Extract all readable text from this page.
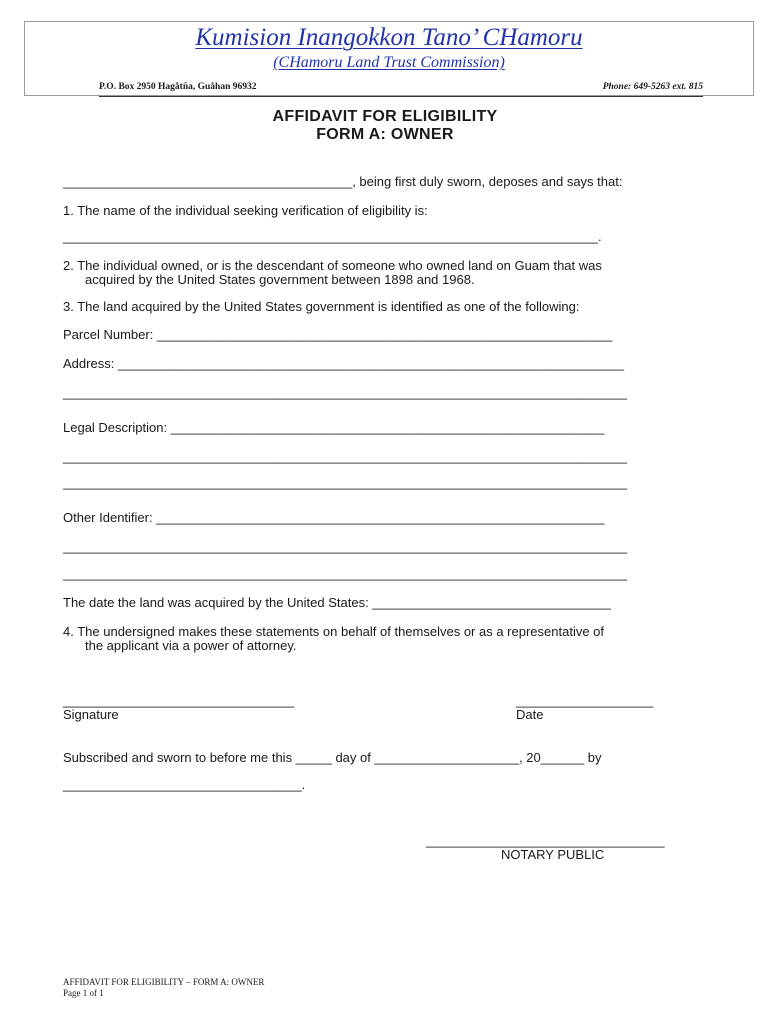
Kumision Inangokkon Tano’ CHamoru
(CHamoru Land Trust Commission)
P.O. Box 2950 Hagåtña, Guåhan 96932	Phone: 649-5263 ext. 815
AFFIDAVIT FOR ELIGIBILITY
FORM A: OWNER
________________________________________, being first duly sworn, deposes and says that:
1. The name of the individual seeking verification of eligibility is:
__________________________________________________________________________.
2. The individual owned, or is the descendant of someone who owned land on Guam that was
acquired by the United States government between 1898 and 1968.
3. The land acquired by the United States government is identified as one of the following:
Parcel Number: _______________________________________________________________
Address: ______________________________________________________________________
______________________________________________________________________________
Legal Description: ____________________________________________________________
______________________________________________________________________________
______________________________________________________________________________
Other Identifier: ______________________________________________________________
______________________________________________________________________________
______________________________________________________________________________
The date the land was acquired by the United States: _________________________________
4. The undersigned makes these statements on behalf of themselves or as a representative of
the applicant via a power of attorney.
________________________________
Signature
___________________
Date
Subscribed and sworn to before me this _____ day of ____________________, 20______ by
_________________________________.
_________________________________
NOTARY PUBLIC
AFFIDAVIT FOR ELIGIBILITY – FORM A: OWNER
Page 1 of 1
